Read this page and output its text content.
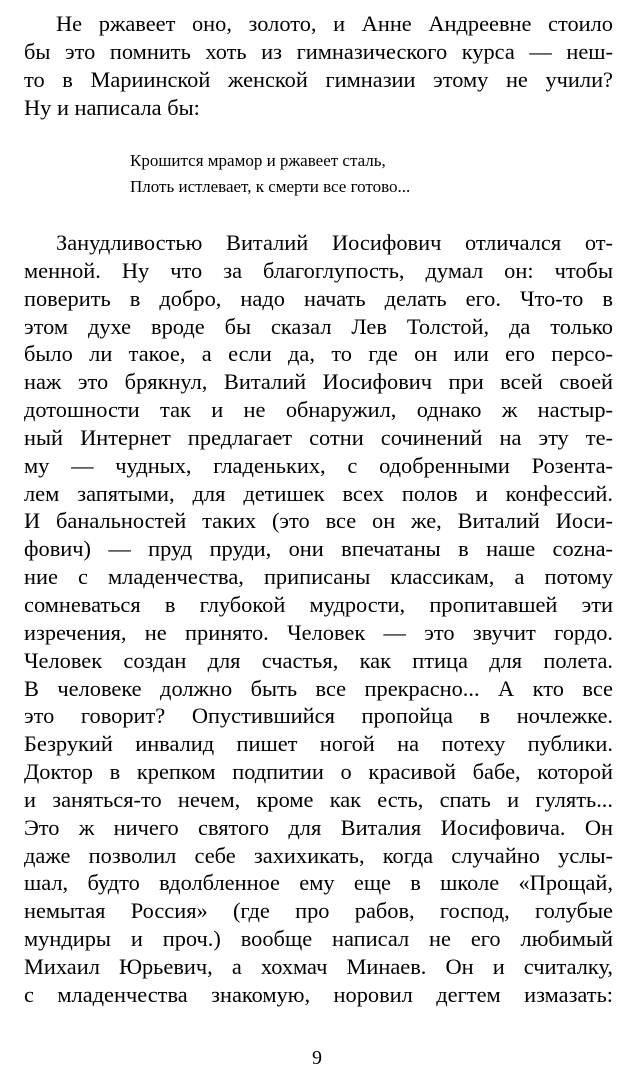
Не ржавеет оно, золото, и Анне Андреевне стоило
бы это помнить хоть из гимназического курса — неш-
то в Мариинской женской гимназии этому не учили?
Ну и написала бы:
Крошится мрамор и ржавеет сталь,
Плоть истлевает, к смерти все готово...
Занудливостью Виталий Иосифович отличался от-
менной. Ну что за благоглупость, думал он: чтобы
поверить в добро, надо начать делать его. Что-то в
этом духе вроде бы сказал Лев Толстой, да только
было ли такое, а если да, то где он или его персо-
наж это брякнул, Виталий Иосифович при всей своей
дотошности так и не обнаружил, однако ж настыр-
ный Интернет предлагает сотни сочинений на эту те-
му — чудных, гладеньких, с одобренными Розента-
лем запятыми, для детишек всех полов и конфессий.
И банальностей таких (это все он же, Виталий Иоси-
фович) — пруд пруди, они впечатаны в наше сozна-
ние с младенчества, приписаны классикам, а потому
сомневаться в глубокой мудрости, пропитавшей эти
изречения, не принято. Человек — это звучит гордо.
Человек создан для счастья, как птица для полета.
В человеке должно быть все прекрасно... А кто все
это говорит? Опустившийся пропойца в ночлежке.
Безрукий инвалид пишет ногой на потеху публики.
Доктор в крепком подпитии о красивой бабе, которой
и заняться-то нечем, кроме как есть, спать и гулять...
Это ж ничего святого для Виталия Иосифовича. Он
даже позволил себе захихикать, когда случайно услы-
шал, будто вдолбленное ему еще в школе «Прощай,
немытая Россия» (где про рабов, господ, голубые
мундиры и проч.) вообще написал не его любимый
Михаил Юрьевич, а хохмач Минаев. Он и считалку,
с младенчества знакомую, норовил дегтем измазать:
9
